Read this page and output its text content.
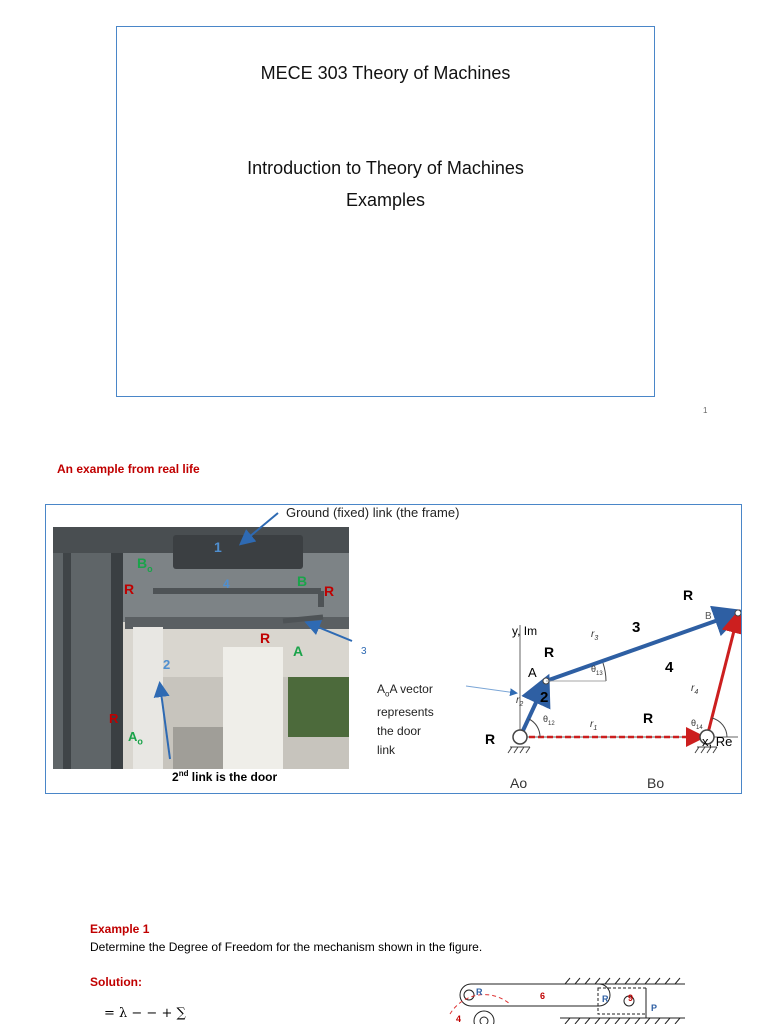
MECE 303 Theory of Machines
Introduction to Theory of Machines
Examples
1
An example from real life
$B_o$
R
1
4	B
R
R
A
2
R
$A_o$
Ground (fixed) link (the frame)
3
2nd link is the door
$A_oA$ vector
represents
the door
link
y, Im
x, Re
Ao	Bo
A
B
R
R
R
R
2
3
4
$r_3$
$r_2$
$r_1$
$r_4$
$\theta_{12}$
$\theta_{13}$
$\theta_{14}$
Example 1
Determine the Degree of Freedom for the mechanism shown in the figure.
Solution:
= λ − − + ∑
R	6	R 9
P
4
